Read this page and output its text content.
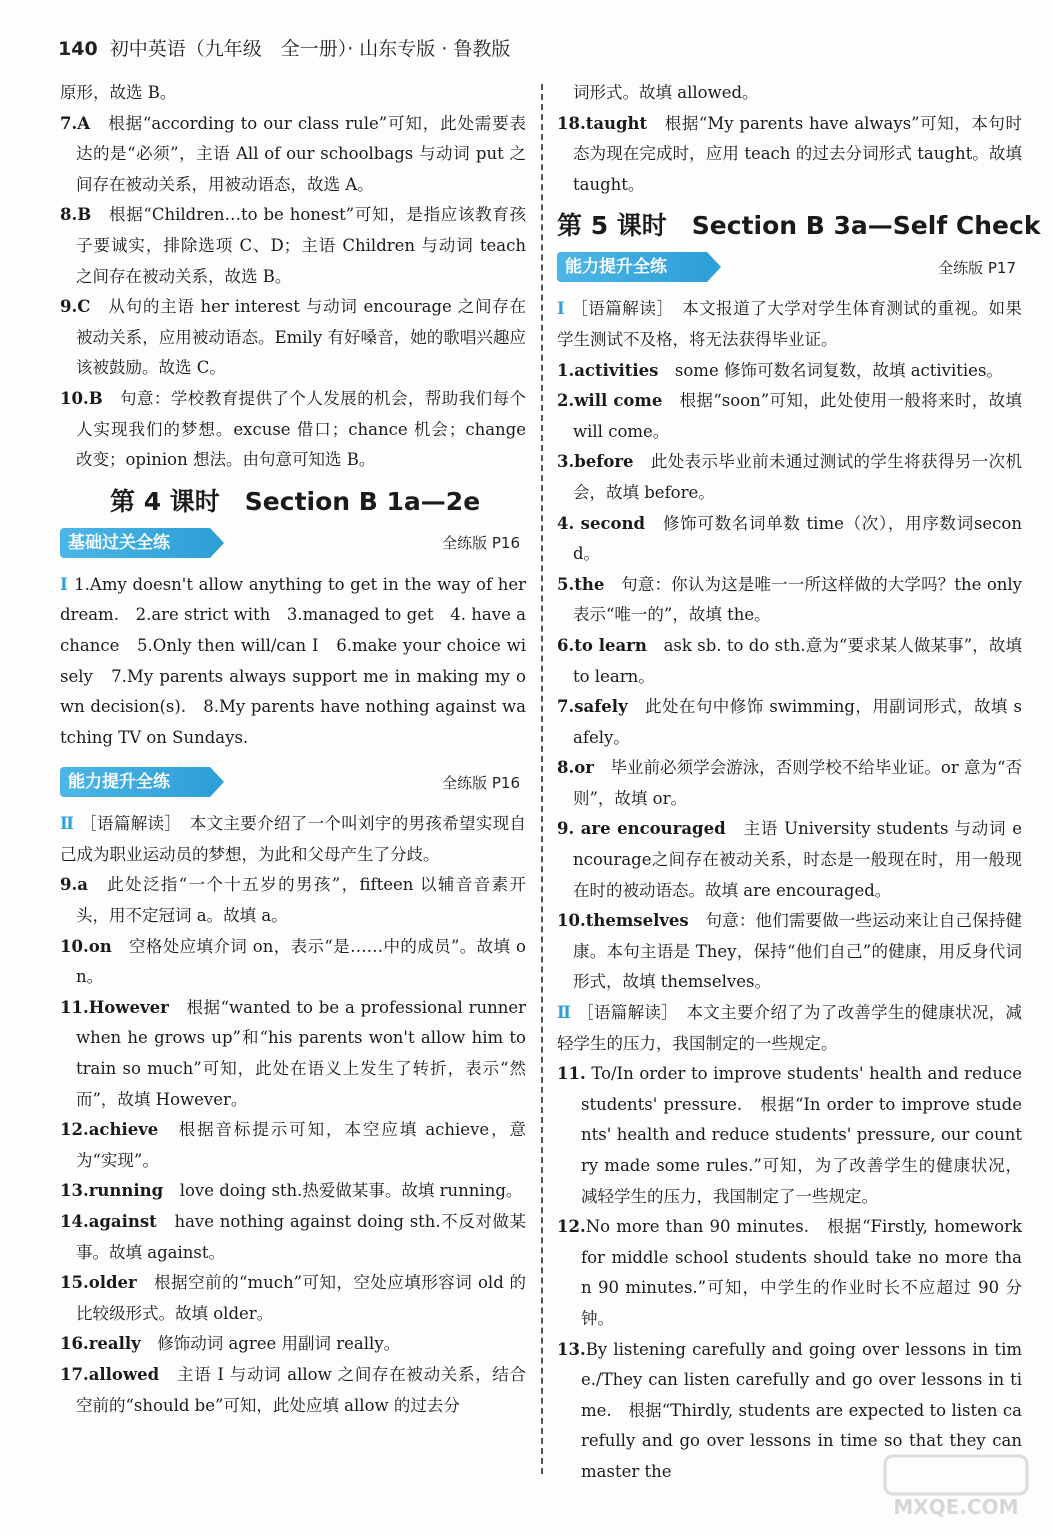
140 初中英语（九年级　全一册）· 山东专版 · 鲁教版

原形，故选 B。

7.A　根据“according to our class rule”可知，此处需要表达的是“必须”，主语 All of our schoolbags 与动词 put 之间存在被动关系，用被动语态，故选 A。

8.B　根据“Children…to be honest”可知，是指应该教育孩子要诚实，排除选项 C、D；主语 Children 与动词 teach 之间存在被动关系，故选 B。

9.C　从句的主语 her interest 与动词 encourage 之间存在被动关系，应用被动语态。Emily 有好嗓音，她的歌唱兴趣应该被鼓励。故选 C。

10.B　句意：学校教育提供了个人发展的机会，帮助我们每个人实现我们的梦想。excuse 借口；chance 机会；change 改变；opinion 想法。由句意可知选 B。

第 4 课时　Section B 1a—2e
基础过关全练	全练版 P16

Ⅰ 1.Amy doesn't allow anything to get in the way of her dream.　2.are strict with　3.managed to get　4. have a chance　5.Only then will/can I　6.make your choice wisely　7.My parents always support me in making my own decision(s).　8.My parents have nothing against watching TV on Sundays.

能力提升全练	全练版 P16

Ⅱ ［语篇解读］　本文主要介绍了一个叫刘宇的男孩希望实现自己成为职业运动员的梦想，为此和父母产生了分歧。

9.a　此处泛指“一个十五岁的男孩”，fifteen 以辅音音素开头，用不定冠词 a。故填 a。

10.on　空格处应填介词 on，表示“是……中的成员”。故填 on。

11.However　根据“wanted to be a professional runner when he grows up”和“his parents won't allow him to train so much”可知，此处在语义上发生了转折，表示“然而”，故填 However。

12.achieve　根据音标提示可知，本空应填 achieve，意为“实现”。

13.running　love doing sth.热爱做某事。故填 running。

14.against　have nothing against doing sth.不反对做某事。故填 against。

15.older　根据空前的“much”可知，空处应填形容词 old 的比较级形式。故填 older。

16.really　修饰动词 agree 用副词 really。

17.allowed　主语 I 与动词 allow 之间存在被动关系，结合空前的“should be”可知，此处应填 allow 的过去分

词形式。故填 allowed。

18.taught　根据“My parents have always”可知，本句时态为现在完成时，应用 teach 的过去分词形式 taught。故填 taught。

第 5 课时　Section B 3a—Self Check
能力提升全练	全练版 P17

Ⅰ ［语篇解读］　本文报道了大学对学生体育测试的重视。如果学生测试不及格，将无法获得毕业证。

1.activities　some 修饰可数名词复数，故填 activities。

2.will come　根据“soon”可知，此处使用一般将来时，故填 will come。

3.before　此处表示毕业前未通过测试的学生将获得另一次机会，故填 before。

4. second　修饰可数名词单数 time（次），用序数词second。

5.the　句意：你认为这是唯一一所这样做的大学吗？the only 表示“唯一的”，故填 the。

6.to learn　ask sb. to do sth.意为“要求某人做某事”，故填 to learn。

7.safely　此处在句中修饰 swimming，用副词形式，故填 safely。

8.or　毕业前必须学会游泳，否则学校不给毕业证。or 意为“否则”，故填 or。

9. are encouraged　主语 University students 与动词 encourage之间存在被动关系，时态是一般现在时，用一般现在时的被动语态。故填 are encouraged。

10.themselves　句意：他们需要做一些运动来让自己保持健康。本句主语是 They，保持“他们自己”的健康，用反身代词形式，故填 themselves。

Ⅱ ［语篇解读］　本文主要介绍了为了改善学生的健康状况，减轻学生的压力，我国制定的一些规定。

11. To/In order to improve students' health and reduce students' pressure.　根据“In order to improve students' health and reduce students' pressure, our country made some rules.”可知，为了改善学生的健康状况，减轻学生的压力，我国制定了一些规定。

12.No more than 90 minutes.　根据“Firstly, homework for middle school students should take no more than 90 minutes.”可知，中学生的作业时长不应超过 90 分钟。

13.By listening carefully and going over lessons in time./They can listen carefully and go over lessons in time.　根据“Thirdly, students are expected to listen carefully and go over lessons in time so that they can master the

MXQE.COM
